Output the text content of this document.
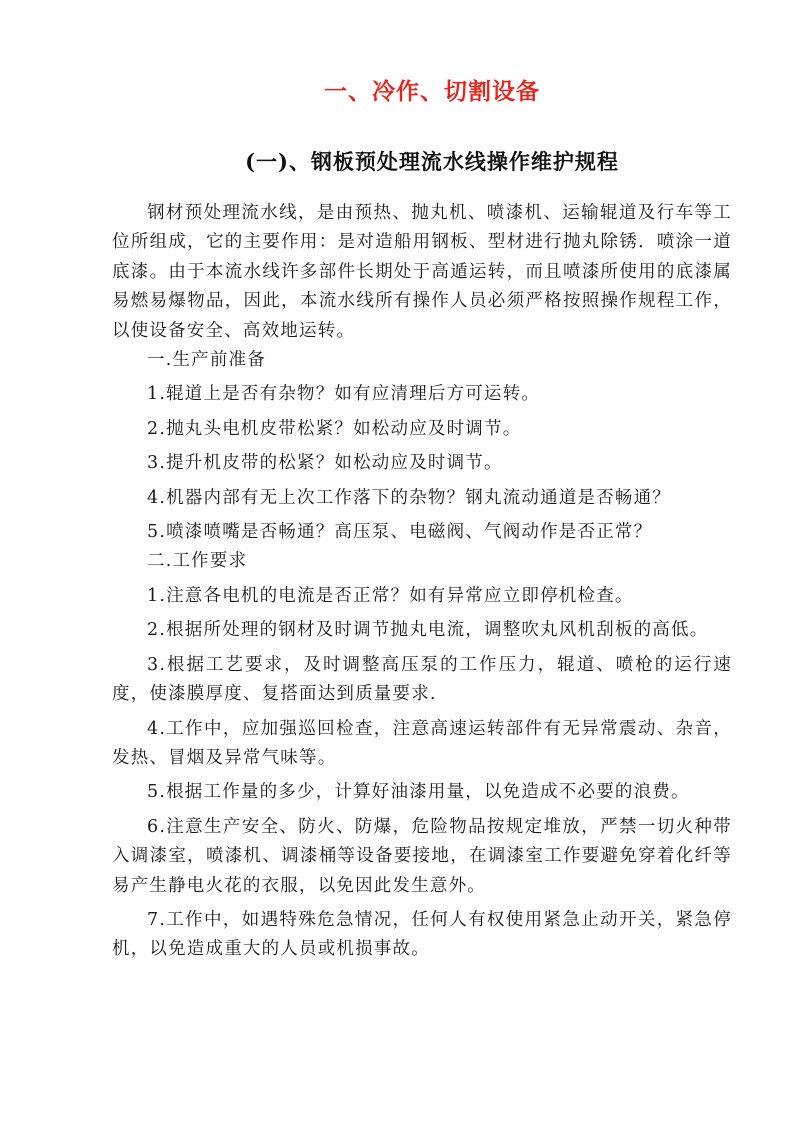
一、冷作、切割设备
(一)、钢板预处理流水线操作维护规程

钢材预处理流水线，是由预热、抛丸机、喷漆机、运输辊道及行车等工位所组成，它的主要作用：是对造船用钢板、型材进行抛丸除锈．喷涂一道底漆。由于本流水线许多部件长期处于高遁运转，而且喷漆所使用的底漆属易燃易爆物品，因此，本流水线所有操作人员必须严格按照操作规程工作，以使设备安全、高效地运转。

一.生产前准备

1.辊道上是否有杂物？如有应清理后方可运转。

2.抛丸头电机皮带松紧？如松动应及时调节。

3.提升机皮带的松紧？如松动应及时调节。

4.机器内部有无上次工作落下的杂物？钢丸流动通道是否畅通？

5.喷漆喷嘴是否畅通？高压泵、电磁阀、气阀动作是否正常？

二.工作要求

1.注意各电机的电流是否正常？如有异常应立即停机检查。

2.根据所处理的钢材及时调节抛丸电流，调整吹丸风机刮板的高低。

3.根据工艺要求，及时调整高压泵的工作压力，辊道、喷枪的运行速度，使漆膜厚度、复搭面达到质量要求.

4.工作中，应加强巡回检查，注意高速运转部件有无异常震动、杂音，发热、冒烟及异常气味等。

5.根据工作量的多少，计算好油漆用量，以免造成不必要的浪费。

6.注意生产安全、防火、防爆，危险物品按规定堆放，严禁一切火种带入调漆室，喷漆机、调漆桶等设备要接地，在调漆室工作要避免穿着化纤等易产生静电火花的衣服，以免因此发生意外。

7.工作中，如遇特殊危急情况，任何人有权使用紧急止动开关，紧急停机，以免造成重大的人员或机损事故。
